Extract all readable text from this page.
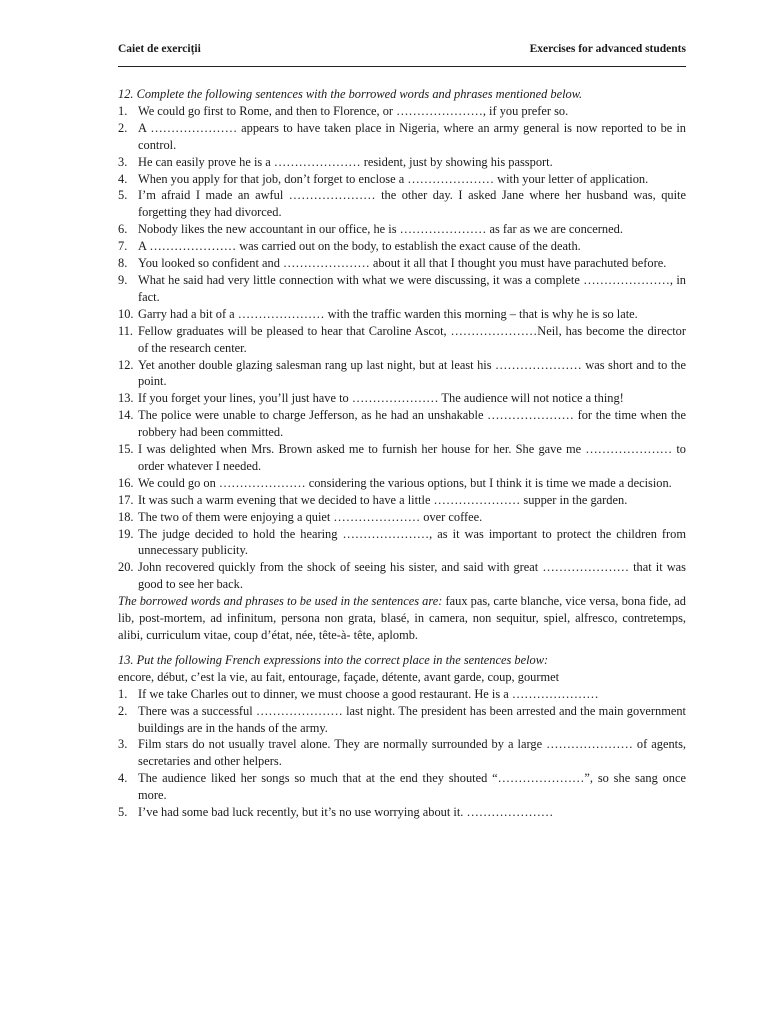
Caiet de exerciții	Exercises for advanced students

12. Complete the following sentences with the borrowed words and phrases mentioned below.

1. We could go first to Rome, and then to Florence, or …………………, if you prefer so.
2. A ………………… appears to have taken place in Nigeria, where an army general is now reported to be in control.
3. He can easily prove he is a ………………… resident, just by showing his passport.
4. When you apply for that job, don’t forget to enclose a ………………… with your letter of application.
5. I’m afraid I made an awful ………………… the other day. I asked Jane where her husband was, quite forgetting they had divorced.
6. Nobody likes the new accountant in our office, he is ………………… as far as we are concerned.
7. A ………………… was carried out on the body, to establish the exact cause of the death.
8. You looked so confident and ………………… about it all that I thought you must have parachuted before.
9. What he said had very little connection with what we were discussing, it was a complete …………………, in fact.
10. Garry had a bit of a ………………… with the traffic warden this morning – that is why he is so late.
11. Fellow graduates will be pleased to hear that Caroline Ascot, …………………Neil, has become the director of the research center.
12. Yet another double glazing salesman rang up last night, but at least his ………………… was short and to the point.
13. If you forget your lines, you’ll just have to ………………… The audience will not notice a thing!
14. The police were unable to charge Jefferson, as he had an unshakable ………………… for the time when the robbery had been committed.
15. I was delighted when Mrs. Brown asked me to furnish her house for her. She gave me ………………… to order whatever I needed.
16. We could go on ………………… considering the various options, but I think it is time we made a decision.
17. It was such a warm evening that we decided to have a little ………………… supper in the garden.
18. The two of them were enjoying a quiet ………………… over coffee.
19. The judge decided to hold the hearing …………………, as it was important to protect the children from unnecessary publicity.
20. John recovered quickly from the shock of seeing his sister, and said with great ………………… that it was good to see her back.

The borrowed words and phrases to be used in the sentences are: faux pas, carte blanche, vice versa, bona fide, ad lib, post-mortem, ad infinitum, persona non grata, blasé, in camera, non sequitur, spiel, alfresco, contretemps, alibi, curriculum vitae, coup d’état, née, tête-à- tête, aplomb.

13. Put the following French expressions into the correct place in the sentences below:

encore, début, c’est la vie, au fait, entourage, façade, détente, avant garde, coup, gourmet

1. If we take Charles out to dinner, we must choose a good restaurant. He is a …………………
2. There was a successful ………………… last night. The president has been arrested and the main government buildings are in the hands of the army.
3. Film stars do not usually travel alone. They are normally surrounded by a large ………………… of agents, secretaries and other helpers.
4. The audience liked her songs so much that at the end they shouted “…………………”, so she sang once more.
5. I’ve had some bad luck recently, but it’s no use worrying about it. …………………
